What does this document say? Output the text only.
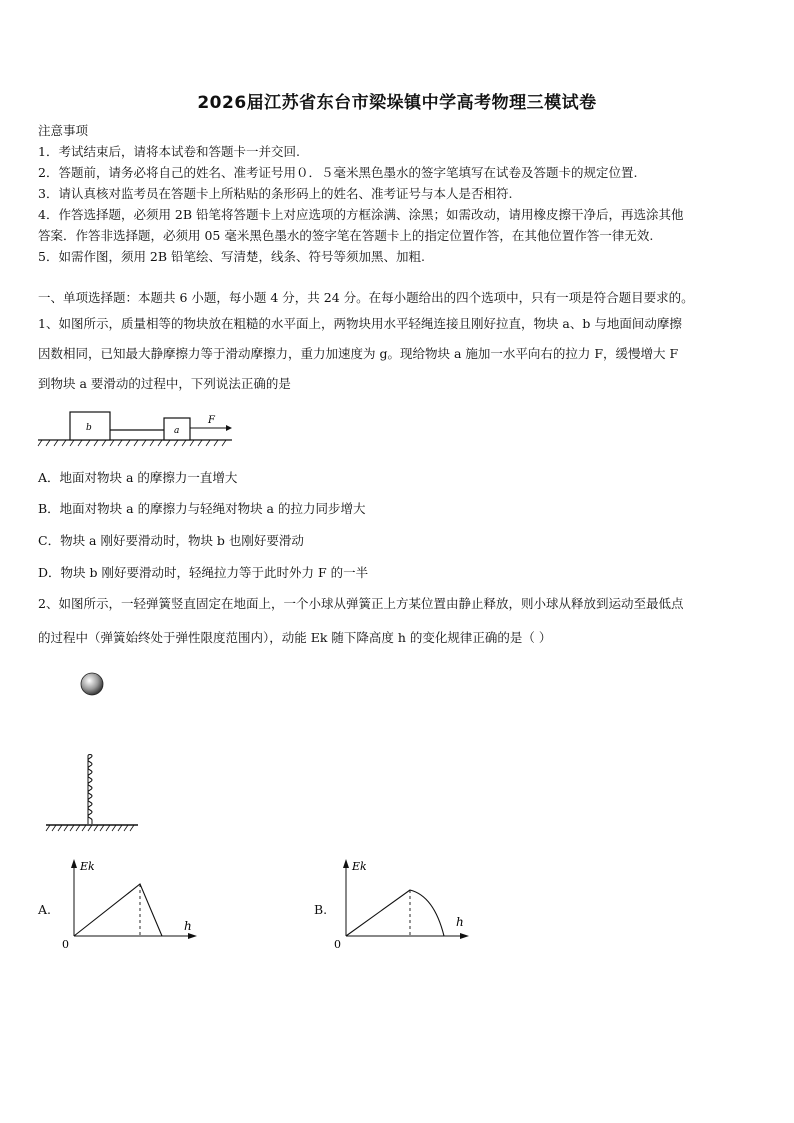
2026届江苏省东台市梁垛镇中学高考物理三模试卷
注意事项
1．考试结束后，请将本试卷和答题卡一并交回.
2．答题前，请务必将自己的姓名、准考证号用０．５毫米黑色墨水的签字笔填写在试卷及答题卡的规定位置.
3．请认真核对监考员在答题卡上所粘贴的条形码上的姓名、准考证号与本人是否相符.
4．作答选择题，必须用 2B 铅笔将答题卡上对应选项的方框涂满、涂黑；如需改动，请用橡皮擦干净后，再选涂其他
答案．作答非选择题，必须用 05 毫米黑色墨水的签字笔在答题卡上的指定位置作答，在其他位置作答一律无效.
5．如需作图，须用 2B 铅笔绘、写清楚，线条、符号等须加黑、加粗.
一、单项选择题：本题共 6 小题，每小题 4 分，共 24 分。在每小题给出的四个选项中，只有一项是符合题目要求的。
1、如图所示，质量相等的物块放在粗糙的水平面上，两物块用水平轻绳连接且刚好拉直，物块 a、b 与地面间动摩擦
因数相同，已知最大静摩擦力等于滑动摩擦力，重力加速度为 g。现给物块 a 施加一水平向右的拉力 F，缓慢增大 F
到物块 a 要滑动的过程中，下列说法正确的是
b	a
F
A．地面对物块 a 的摩擦力一直增大
B．地面对物块 a 的摩擦力与轻绳对物块 a 的拉力同步增大
C．物块 a 刚好要滑动时，物块 b 也刚好要滑动
D．物块 b 刚好要滑动时，轻绳拉力等于此时外力 F 的一半
2、如图所示，一轻弹簧竖直固定在地面上，一个小球从弹簧正上方某位置由静止释放，则小球从释放到运动至最低点
的过程中（弹簧始终处于弹性限度范围内），动能 Ek 随下降高度 h 的变化规律正确的是（ ）
A.
Ek
h
0
B.
Ek
h
0
